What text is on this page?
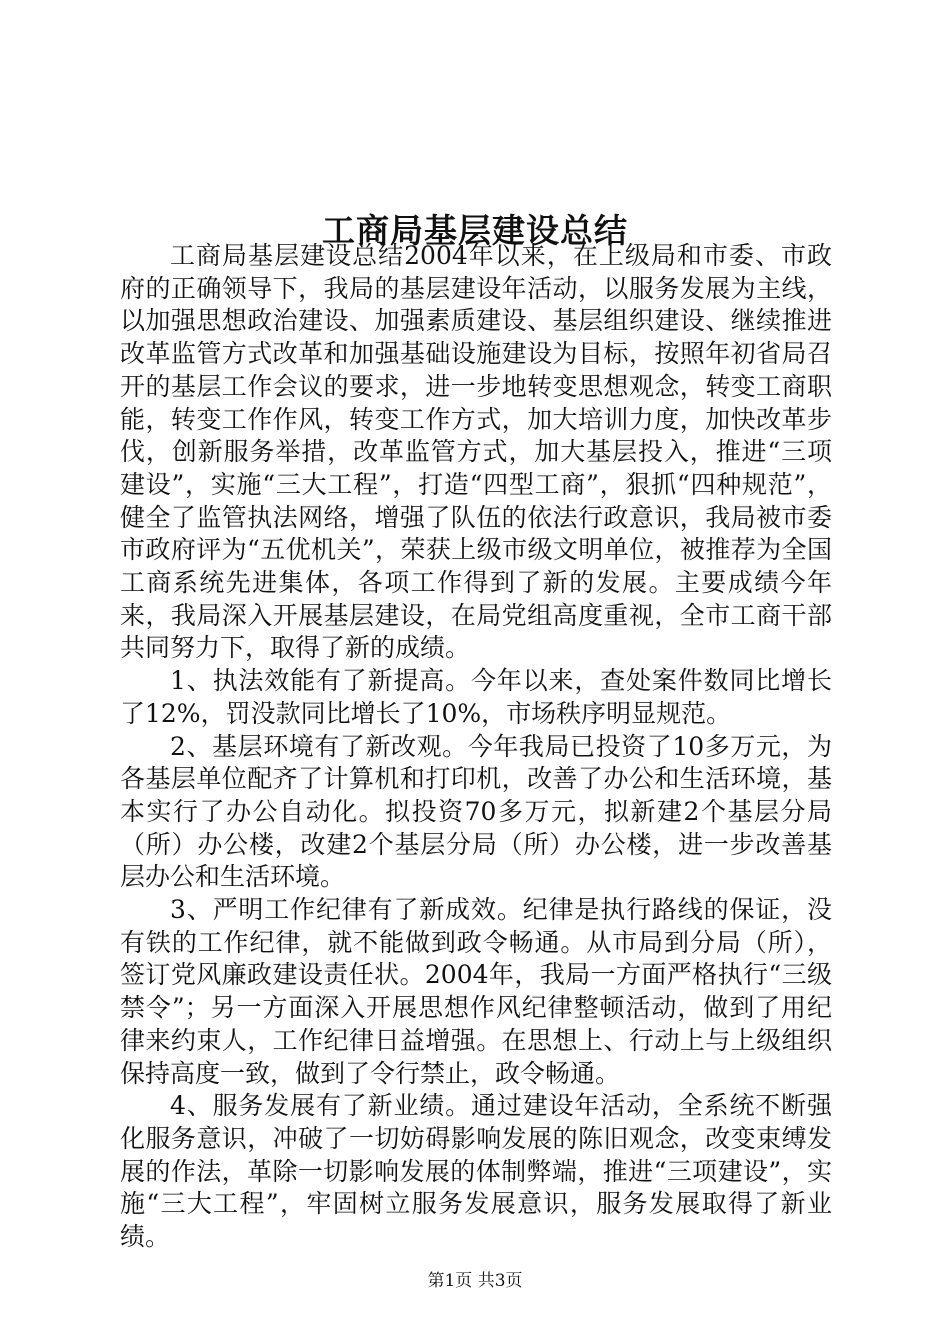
工商局基层建设总结

工商局基层建设总结2004年以来，在上级局和市委、市政府的正确领导下，我局的基层建设年活动，以服务发展为主线，以加强思想政治建设、加强素质建设、基层组织建设、继续推进改革监管方式改革和加强基础设施建设为目标，按照年初省局召开的基层工作会议的要求，进一步地转变思想观念，转变工商职能，转变工作作风，转变工作方式，加大培训力度，加快改革步伐，创新服务举措，改革监管方式，加大基层投入，推进“三项建设”，实施“三大工程”，打造“四型工商”，狠抓“四种规范”，健全了监管执法网络，增强了队伍的依法行政意识，我局被市委市政府评为“五优机关”，荣获上级市级文明单位，被推荐为全国工商系统先进集体，各项工作得到了新的发展。主要成绩今年来，我局深入开展基层建设，在局党组高度重视，全市工商干部共同努力下，取得了新的成绩。

1、执法效能有了新提高。今年以来，查处案件数同比增长了12%，罚没款同比增长了10%，市场秩序明显规范。

2、基层环境有了新改观。今年我局已投资了10多万元，为各基层单位配齐了计算机和打印机，改善了办公和生活环境，基本实行了办公自动化。拟投资70多万元，拟新建2个基层分局（所）办公楼，改建2个基层分局（所）办公楼，进一步改善基层办公和生活环境。

3、严明工作纪律有了新成效。纪律是执行路线的保证，没有铁的工作纪律，就不能做到政令畅通。从市局到分局（所），签订党风廉政建设责任状。2004年，我局一方面严格执行“三级禁令”；另一方面深入开展思想作风纪律整顿活动，做到了用纪律来约束人，工作纪律日益增强。在思想上、行动上与上级组织保持高度一致，做到了令行禁止，政令畅通。

4、服务发展有了新业绩。通过建设年活动，全系统不断强化服务意识，冲破了一切妨碍影响发展的陈旧观念，改变束缚发展的作法，革除一切影响发展的体制弊端，推进“三项建设”，实施“三大工程”，牢固树立服务发展意识，服务发展取得了新业绩。

第1页 共3页
